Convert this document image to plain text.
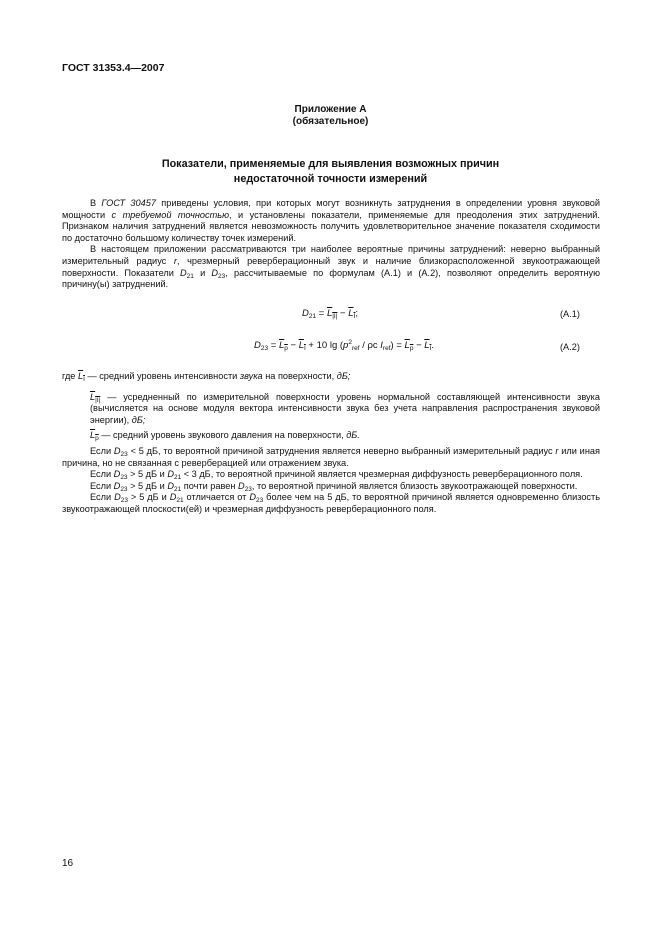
ГОСТ 31353.4—2007
Приложение А
(обязательное)
Показатели, применяемые для выявления возможных причин
недостаточной точности измерений

В ГОСТ 30457 приведены условия, при которых могут возникнуть затруднения в определении уровня звуковой мощности с требуемой точностью, и установлены показатели, применяемые для преодоления этих затруднений. Признаком наличия затруднений является невозможность получить удовлетворительное значение показателя сходимости по достаточно большому количеству точек измерений.

В настоящем приложении рассматриваются три наиболее вероятные причины затруднений: неверно выбранный измерительный радиус r, чрезмерный реверберационный звук и наличие близкорасположенной звукоотражающей поверхности. Показатели $D_{21}$ и $D_{23}$, рассчитываемые по формулам (А.1) и (А.2), позволяют определить вероятную причину(ы) затруднений.

$D_{21} = L_{|I|} - L_I$;	(А.1)
$D_{23} = L_p - L_I + 10$ $\lg (p^2_{ref}$ / ρc $I_{ref}) = L_p - L_I$.	(А.2)

где $L_I$ — средний уровень интенсивности звука на поверхности, дБ;

$L_{|I|}$ — усредненный по измерительной поверхности уровень нормальной составляющей интенсивности звука (вычисляется на основе модуля вектора интенсивности звука без учета направления распространения звуковой энергии), дБ;

$L_p$ — средний уровень звукового давления на поверхности, дБ.

Если $D_{23} < 5$ дБ, то вероятной причиной затруднения является неверно выбранный измерительный радиус r или иная причина, но не связанная с реверберацией или отражением звука.

Если $D_{23} > 5$ дБ и $D_{21} < 3$ дБ, то вероятной причиной является чрезмерная диффузность реверберационного поля.

Если $D_{23} > 5$ дБ и $D_{21}$ почти равен $D_{23}$, то вероятной причиной является близость звукоотражающей поверхности.

Если $D_{23} > 5$ дБ и $D_{21}$ отличается от $D_{23}$ более чем на 5 дБ, то вероятной причиной является одновременно близость звукоотражающей плоскости(ей) и чрезмерная диффузность реверберационного поля.

16
